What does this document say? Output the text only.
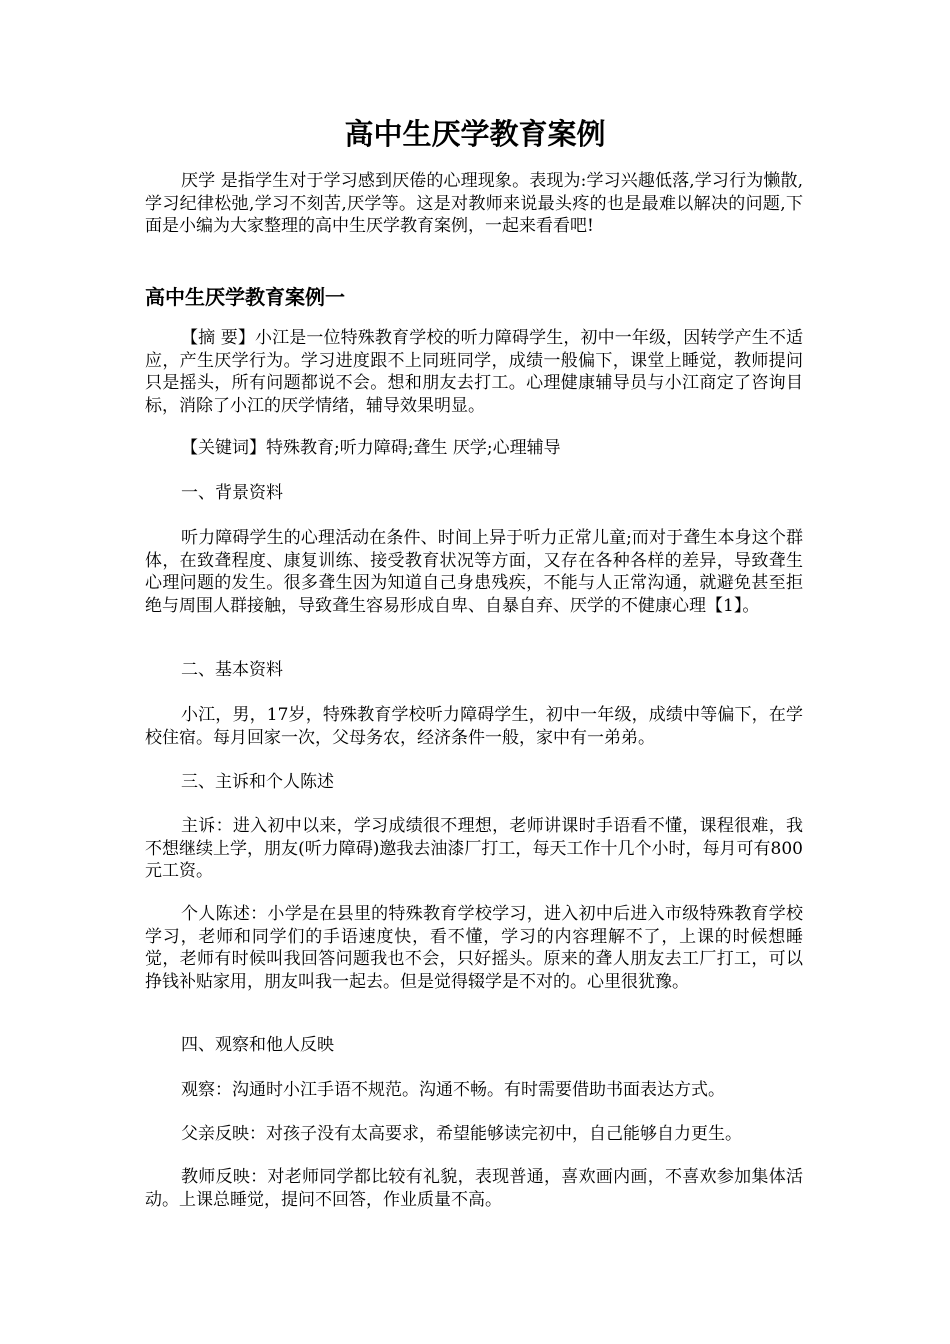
高中生厌学教育案例

厌学 是指学生对于学习感到厌倦的心理现象。表现为:学习兴趣低落,学习行为懒散,学习纪律松弛,学习不刻苦,厌学等。这是对教师来说最头疼的也是最难以解决的问题,下面是小编为大家整理的高中生厌学教育案例，一起来看看吧!

高中生厌学教育案例一

【摘 要】小江是一位特殊教育学校的听力障碍学生，初中一年级，因转学产生不适应，产生厌学行为。学习进度跟不上同班同学，成绩一般偏下，课堂上睡觉，教师提问只是摇头，所有问题都说不会。想和朋友去打工。心理健康辅导员与小江商定了咨询目标，消除了小江的厌学情绪，辅导效果明显。

【关键词】特殊教育;听力障碍;聋生 厌学;心理辅导

一、背景资料

听力障碍学生的心理活动在条件、时间上异于听力正常儿童;而对于聋生本身这个群体，在致聋程度、康复训练、接受教育状况等方面，又存在各种各样的差异，导致聋生心理问题的发生。很多聋生因为知道自己身患残疾，不能与人正常沟通，就避免甚至拒绝与周围人群接触，导致聋生容易形成自卑、自暴自弃、厌学的不健康心理【1】。

二、基本资料

小江，男，17岁，特殊教育学校听力障碍学生，初中一年级，成绩中等偏下，在学校住宿。每月回家一次，父母务农，经济条件一般，家中有一弟弟。

三、主诉和个人陈述

主诉：进入初中以来，学习成绩很不理想，老师讲课时手语看不懂，课程很难，我不想继续上学，朋友(听力障碍)邀我去油漆厂打工，每天工作十几个小时，每月可有800元工资。

个人陈述：小学是在县里的特殊教育学校学习，进入初中后进入市级特殊教育学校学习，老师和同学们的手语速度快，看不懂，学习的内容理解不了，上课的时候想睡觉，老师有时候叫我回答问题我也不会，只好摇头。原来的聋人朋友去工厂打工，可以挣钱补贴家用，朋友叫我一起去。但是觉得辍学是不对的。心里很犹豫。

四、观察和他人反映

观察：沟通时小江手语不规范。沟通不畅。有时需要借助书面表达方式。

父亲反映：对孩子没有太高要求，希望能够读完初中，自己能够自力更生。

教师反映：对老师同学都比较有礼貌，表现普通，喜欢画内画，不喜欢参加集体活动。上课总睡觉，提问不回答，作业质量不高。
